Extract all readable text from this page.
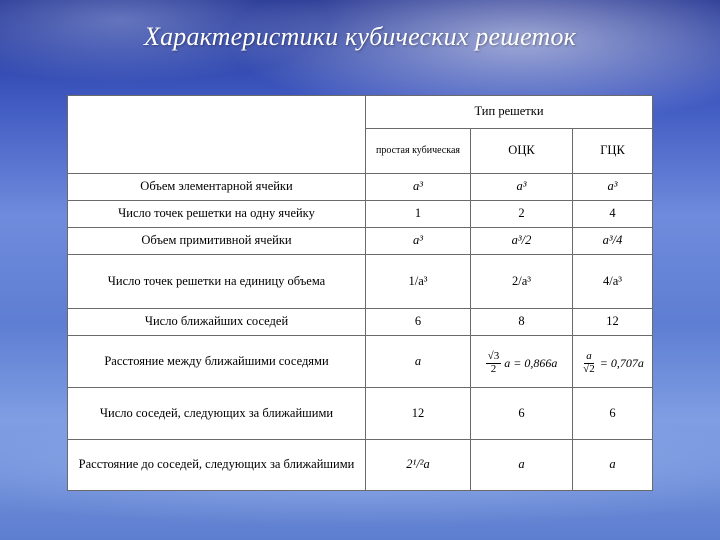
Характеристики кубических решеток
	Тип решетки		
	простая кубическая	ОЦК	ГЦК
Объем элементарной ячейки	a³	a³	a³
Число точек решетки на одну ячейку	1	2	4
Объем примитивной ячейки	a³	a³/2	a³/4
Число точек решетки на единицу объема	1/a³	2/a³	4/a³
Число ближайших соседей	6	8	12
Расстояние между ближайшими соседями	a	$\frac{√3}{2}$ a = 0,866a	$\frac{a}{√2} = 0,707a$

Число соседей, следующих за ближайшими	12	6	6
Расстояние до соседей, следующих за ближайшими	2¹/²a	a	a
